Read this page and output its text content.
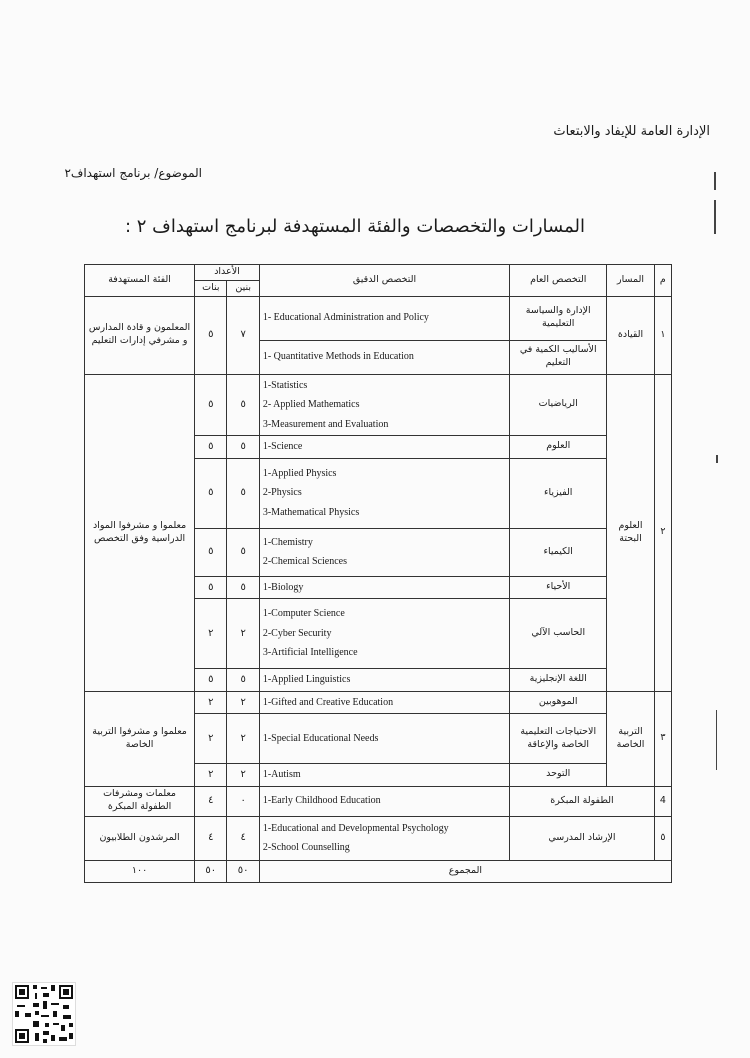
الإدارة العامة للإيفاد والابتعاث
الموضوع/ برنامج استهداف٢
المسارات والتخصصات والفئة المستهدفة لبرنامج استهداف ٢ :
م	المسار	التخصص العام	التخصص الدقيق	الأعداد		الفئة المستهدفة
				بنين	بنات	
١	القيادة	الإدارة والسياسة التعليمية	1- Educational Administration and Policy	٧	٥	المعلمون و قادة المدارس و مشرفي إدارات التعليم
		الأساليب الكمية في التعليم	1- Quantitative Methods in Education			

٢	العلوم البحتة	الرياضيات	1-Statistics
2- Applied Mathematics
3-Measurement and Evaluation	٥	٥	معلموا و مشرفوا المواد الدراسية وفق التخصص
		العلوم	1-Science	٥	٥	
		الفيزياء	1-Applied Physics
2-Physics
3-Mathematical Physics	٥	٥	
		الكيمياء	1-Chemistry
2-Chemical Sciences	٥	٥	
		الأحياء	1-Biology	٥	٥	
		الحاسب الآلي	1-Computer Science
2-Cyber Security
3-Artificial Intelligence	٢	٢	
		اللغة الإنجليزية	1-Applied Linguistics	٥	٥	
٣	التربية الخاصة	الموهوبين	1-Gifted and Creative Education	٢	٢	معلموا و مشرفوا التربية الخاصة
		الاحتياجات التعليمية الخاصة والإعاقة	1-Special Educational Needs	٢	٢	
		التوحد	1-Autism	٢	٢	
4	الطفولة المبكرة		1-Early Childhood Education	٠	٤	معلمات ومشرفات الطفولة المبكرة
٥	الإرشاد المدرسي		1-Educational and Developmental Psychology
2-School Counselling	٤	٤	المرشدون الطلابيون
المجموع				٥٠	٥٠	١٠٠
